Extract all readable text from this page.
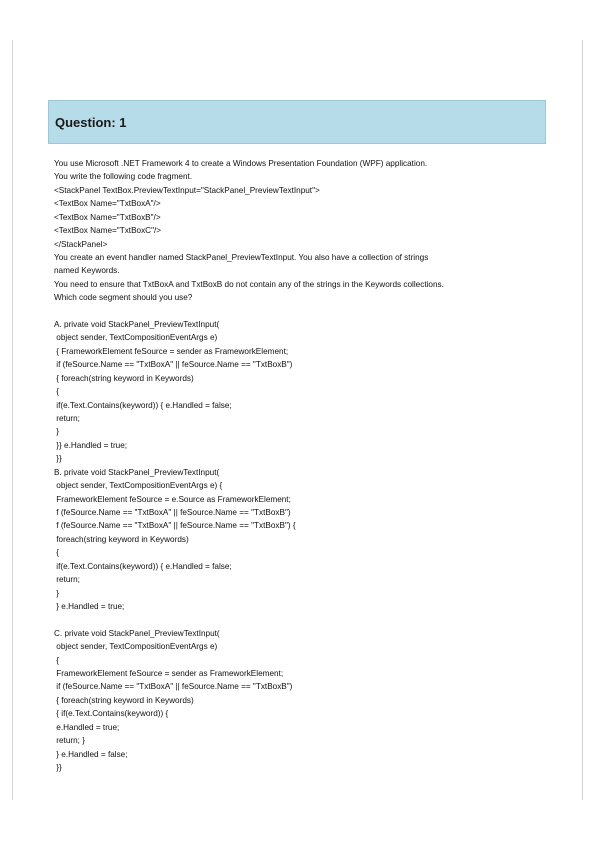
Question: 1
You use Microsoft .NET Framework 4 to create a Windows Presentation Foundation (WPF) application.
You write the following code fragment.
<StackPanel TextBox.PreviewTextInput="StackPanel_PreviewTextInput">
<TextBox Name="TxtBoxA"/>
<TextBox Name="TxtBoxB"/>
<TextBox Name="TxtBoxC"/>
</StackPanel>
You create an event handler named StackPanel_PreviewTextInput. You also have a collection of strings
named Keywords.
You need to ensure that TxtBoxA and TxtBoxB do not contain any of the strings in the Keywords collections.
Which code segment should you use?
A. private void StackPanel_PreviewTextInput(
object sender, TextCompositionEventArgs e)
{ FrameworkElement feSource = sender as FrameworkElement;
if (feSource.Name == "TxtBoxA" || feSource.Name == "TxtBoxB")
{ foreach(string keyword in Keywords)
{
if(e.Text.Contains(keyword)) { e.Handled = false;
return;
}
}} e.Handled = true;
}}
B. private void StackPanel_PreviewTextInput(
object sender, TextCompositionEventArgs e) {
FrameworkElement feSource = e.Source as FrameworkElement;
f (feSource.Name == "TxtBoxA" || feSource.Name == "TxtBoxB")
f (feSource.Name == "TxtBoxA" || feSource.Name == "TxtBoxB") {
foreach(string keyword in Keywords)
{
if(e.Text.Contains(keyword)) { e.Handled = false;
return;
}
} e.Handled = true;
C. private void StackPanel_PreviewTextInput(
object sender, TextCompositionEventArgs e)
{
FrameworkElement feSource = sender as FrameworkElement;
if (feSource.Name == "TxtBoxA" || feSource.Name == "TxtBoxB")
{ foreach(string keyword in Keywords)
{ if(e.Text.Contains(keyword)) {
e.Handled = true;
return; }
} e.Handled = false;
}}
